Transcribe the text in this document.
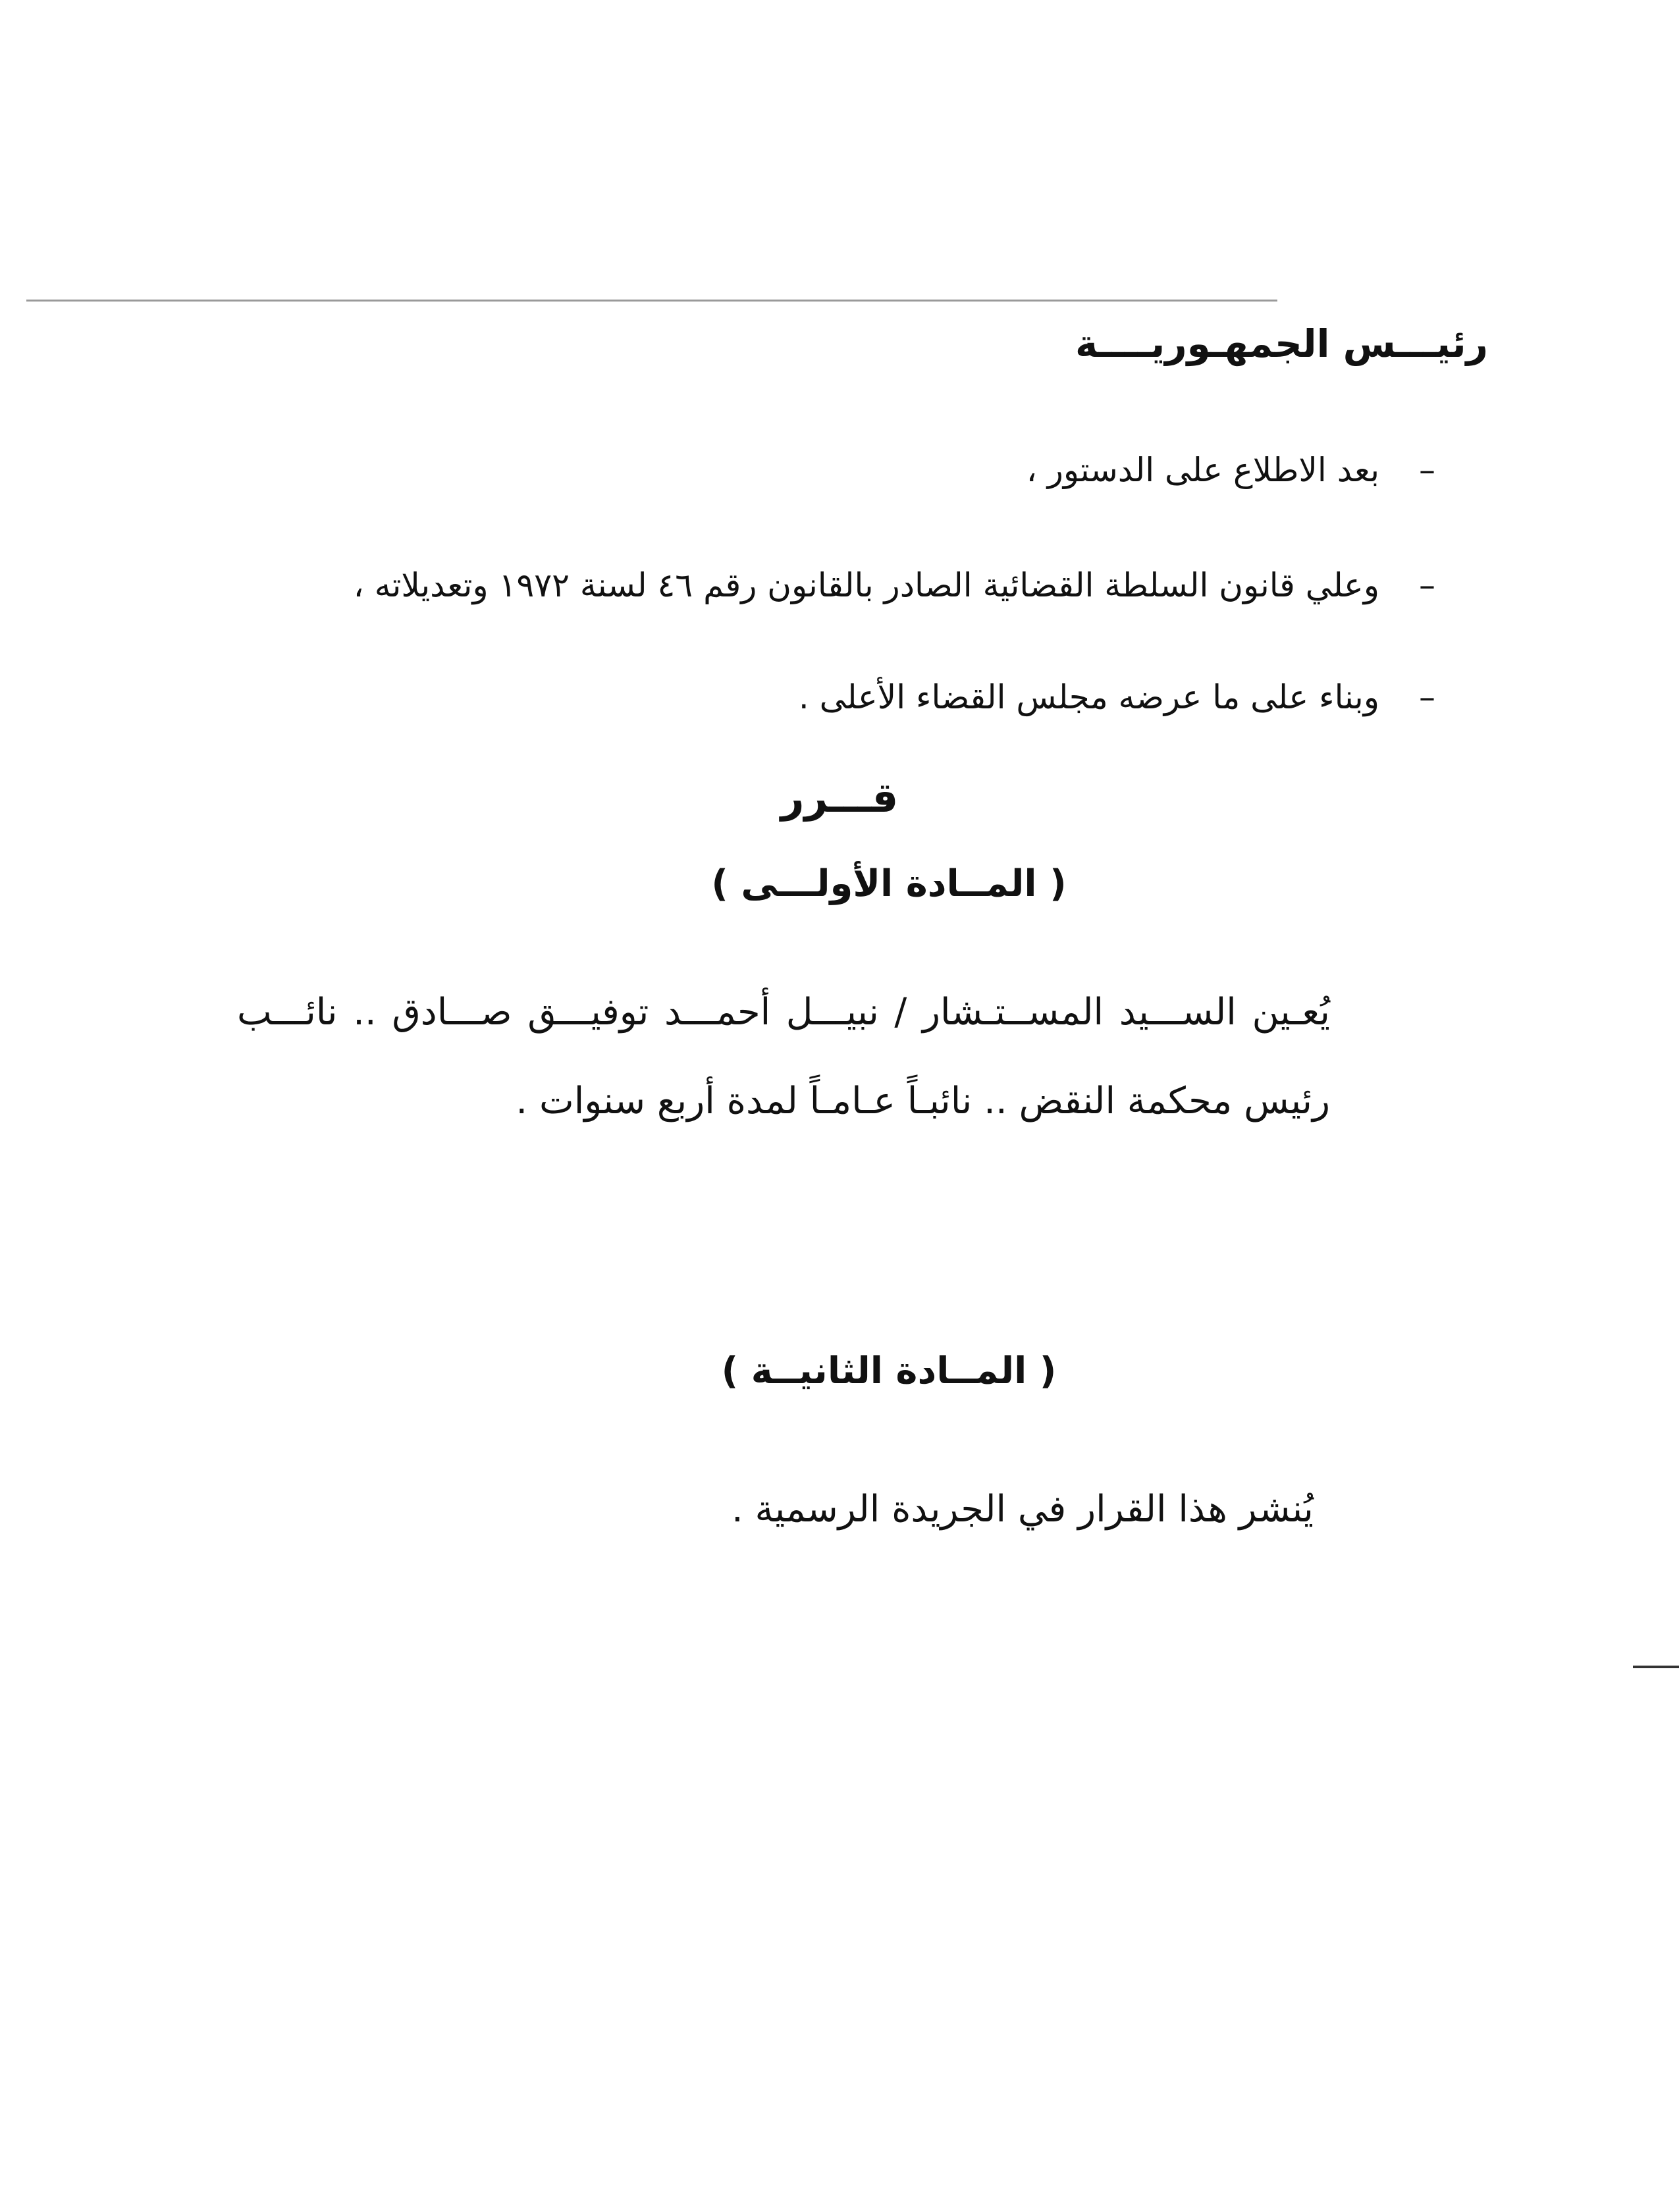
رئيـــس الجمهـوريــــة
–بعد الاطلاع على الدستور ،
–وعلي قانون السلطة القضائية الصادر بالقانون رقم ٤٦ لسنة ١٩٧٢ وتعديلاته ،
–وبناء على ما عرضه مجلس القضاء الأعلى .
قـــرر
( المــادة الأولـــى )
يُعـين الســـيد المســتـشار / نبيـــل أحمـــد توفيـــق صـــادق .. نائـــب
رئيس محكمة النقض .. نائبـاً عـامـاً لمدة أربع سنوات .
( المــادة الثانيــة )
يُنشر هذا القرار في الجريدة الرسمية .
